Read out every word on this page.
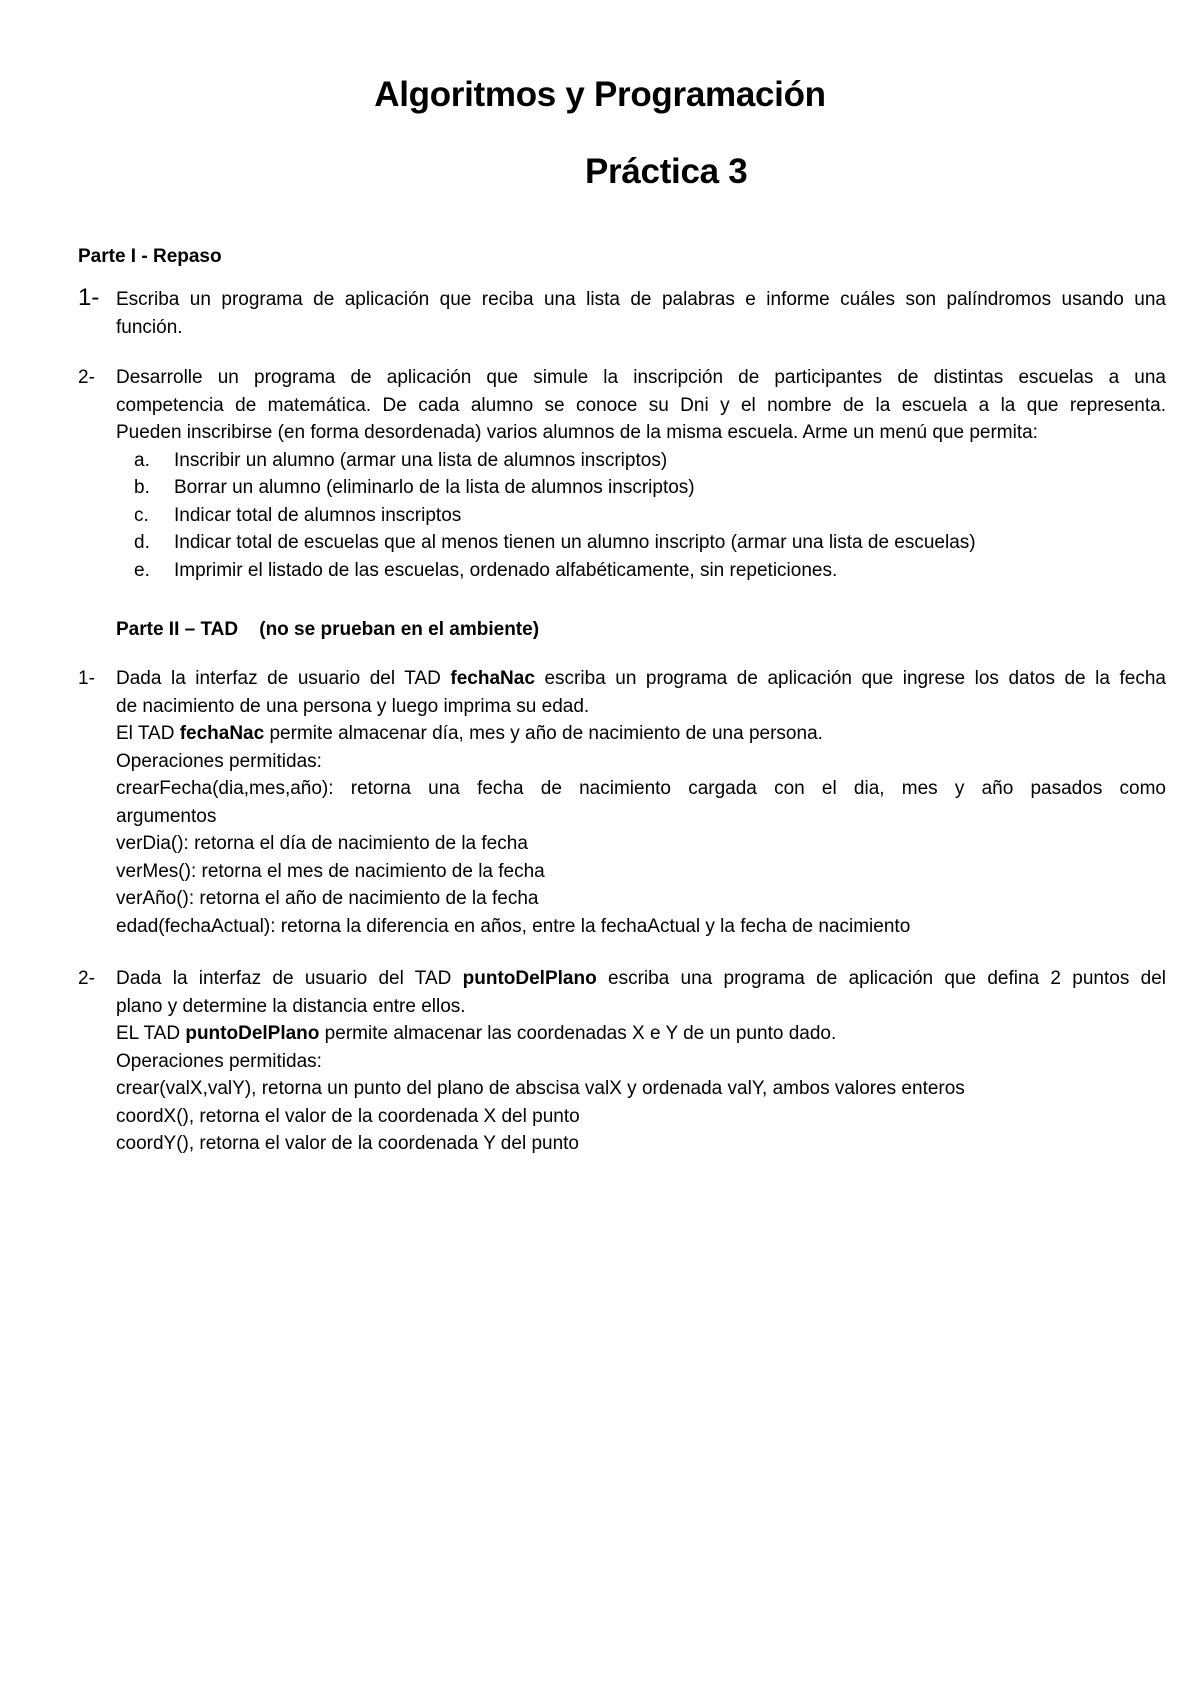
Algoritmos y Programación
Práctica 3
Parte I - Repaso
1- Escriba un programa de aplicación que reciba una lista de palabras e informe cuáles son palíndromos usando una

función.

2- Desarrolle un programa de aplicación que simule la inscripción de participantes de distintas escuelas a una

competencia de matemática. De cada alumno se conoce su Dni y el nombre de la escuela a la que representa.

Pueden inscribirse (en forma desordenada) varios alumnos de la misma escuela. Arme un menú que permita:

a. Inscribir un alumno (armar una lista de alumnos inscriptos)
b. Borrar un alumno (eliminarlo de la lista de alumnos inscriptos)
c. Indicar total de alumnos inscriptos
d. Indicar total de escuelas que al menos tienen un alumno inscripto (armar una lista de escuelas)
e. Imprimir el listado de las escuelas, ordenado alfabéticamente, sin repeticiones.
Parte II – TAD    (no se prueban en el ambiente)
1- Dada la interfaz de usuario del TAD fechaNac escriba un programa de aplicación que ingrese los datos de la fecha

de nacimiento de una persona y luego imprima su edad.

El TAD fechaNac permite almacenar día, mes y año de nacimiento de una persona.

Operaciones permitidas:

crearFecha(dia,mes,año): retorna una fecha de nacimiento cargada con el dia, mes y año pasados como

argumentos

verDia(): retorna el día de nacimiento de la fecha

verMes(): retorna el mes de nacimiento de la fecha

verAño(): retorna el año de nacimiento de la fecha

edad(fechaActual): retorna la diferencia en años, entre la fechaActual y la fecha de nacimiento

2- Dada la interfaz de usuario del TAD puntoDelPlano escriba una programa de aplicación que defina 2 puntos del

plano y determine la distancia entre ellos.

EL TAD puntoDelPlano permite almacenar las coordenadas X e Y de un punto dado.

Operaciones permitidas:

crear(valX,valY), retorna un punto del plano de abscisa valX y ordenada valY, ambos valores enteros

coordX(), retorna el valor de la coordenada X del punto

coordY(), retorna el valor de la coordenada Y del punto
